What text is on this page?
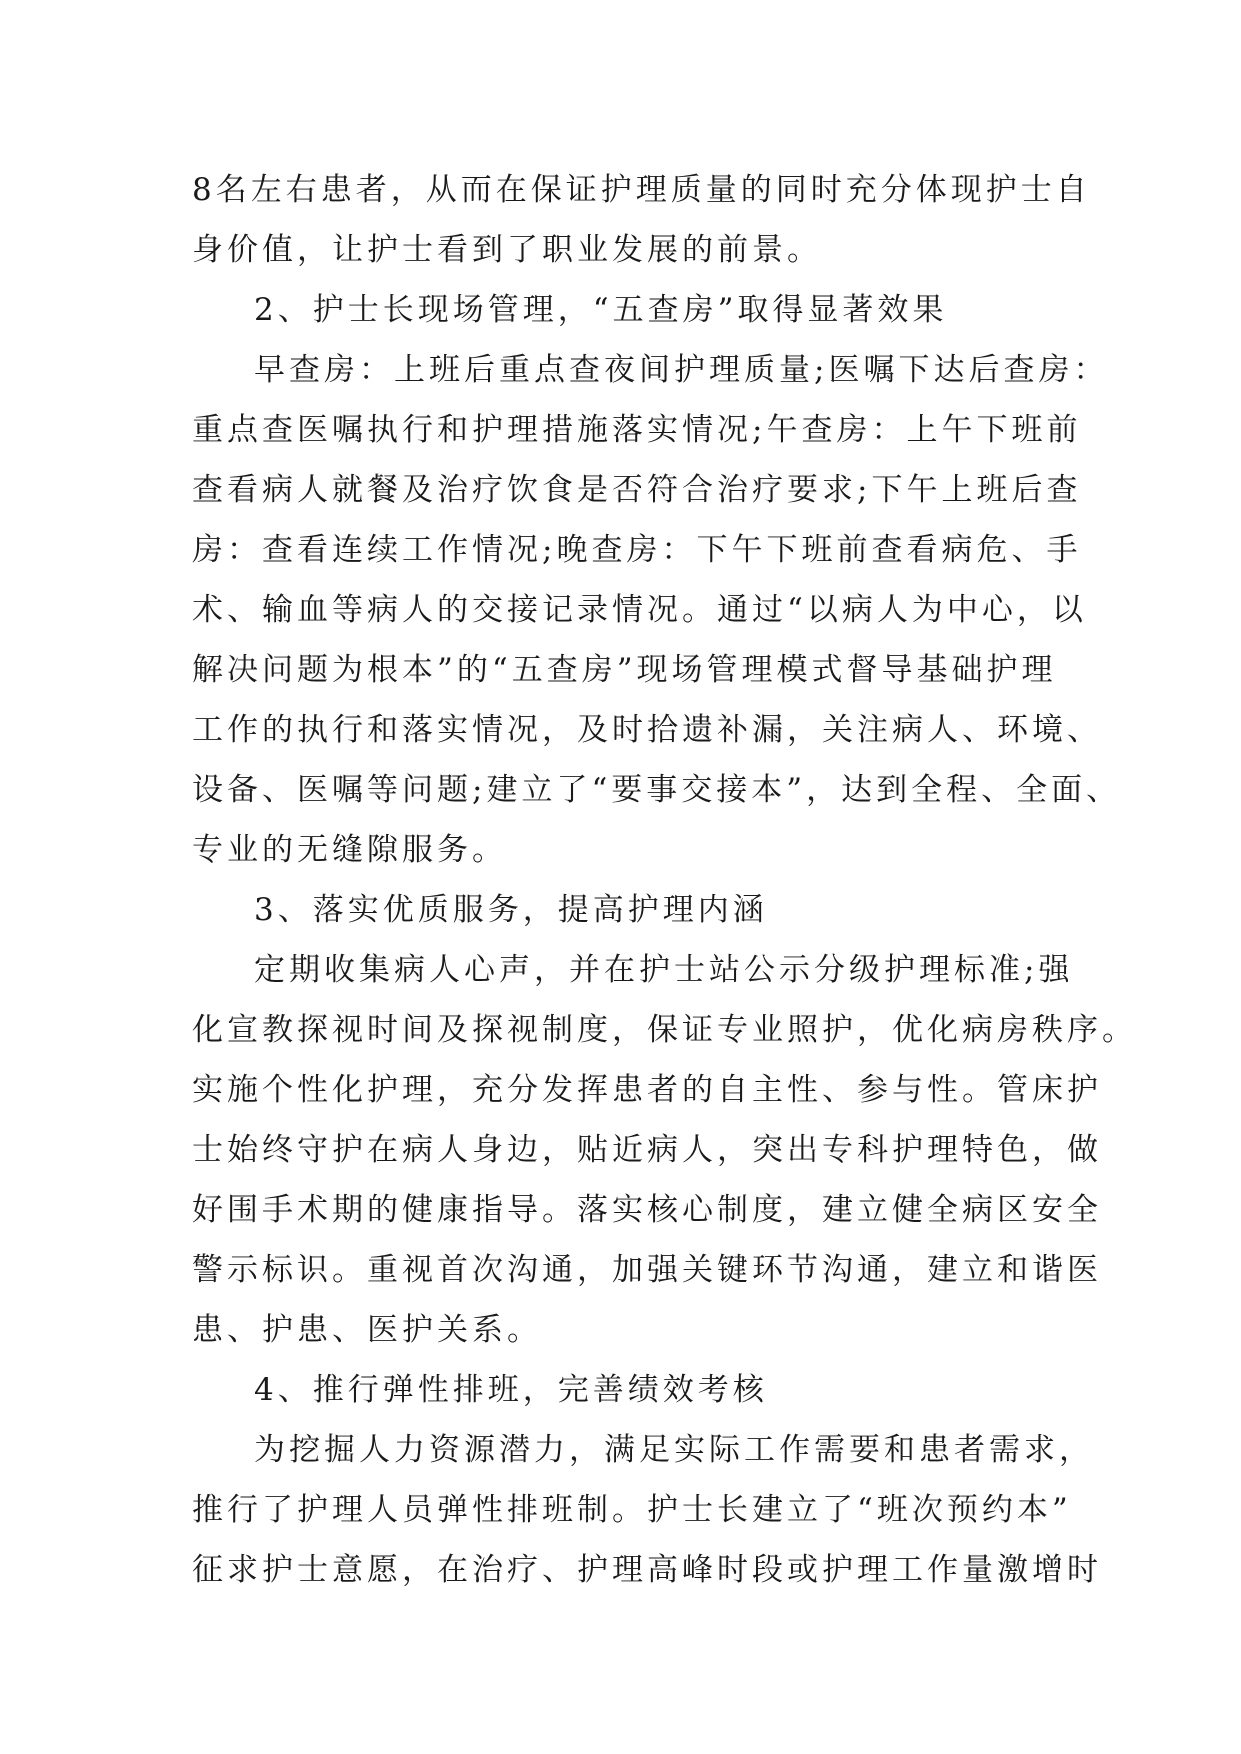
8名左右患者，从而在保证护理质量的同时充分体现护士自
身价值，让护士看到了职业发展的前景。
2、护士长现场管理，“五查房”取得显著效果
早查房：上班后重点查夜间护理质量;医嘱下达后查房：
重点查医嘱执行和护理措施落实情况;午查房：上午下班前
查看病人就餐及治疗饮食是否符合治疗要求;下午上班后查
房：查看连续工作情况;晚查房：下午下班前查看病危、手
术、输血等病人的交接记录情况。通过“以病人为中心，以
解决问题为根本”的“五查房”现场管理模式督导基础护理
工作的执行和落实情况，及时拾遗补漏，关注病人、环境、
设备、医嘱等问题;建立了“要事交接本”，达到全程、全面、
专业的无缝隙服务。
3、落实优质服务，提高护理内涵
定期收集病人心声，并在护士站公示分级护理标准;强
化宣教探视时间及探视制度，保证专业照护，优化病房秩序。
实施个性化护理，充分发挥患者的自主性、参与性。管床护
士始终守护在病人身边，贴近病人，突出专科护理特色，做
好围手术期的健康指导。落实核心制度，建立健全病区安全
警示标识。重视首次沟通，加强关键环节沟通，建立和谐医
患、护患、医护关系。
4、推行弹性排班，完善绩效考核
为挖掘人力资源潜力，满足实际工作需要和患者需求，
推行了护理人员弹性排班制。护士长建立了“班次预约本”
征求护士意愿，在治疗、护理高峰时段或护理工作量激增时
